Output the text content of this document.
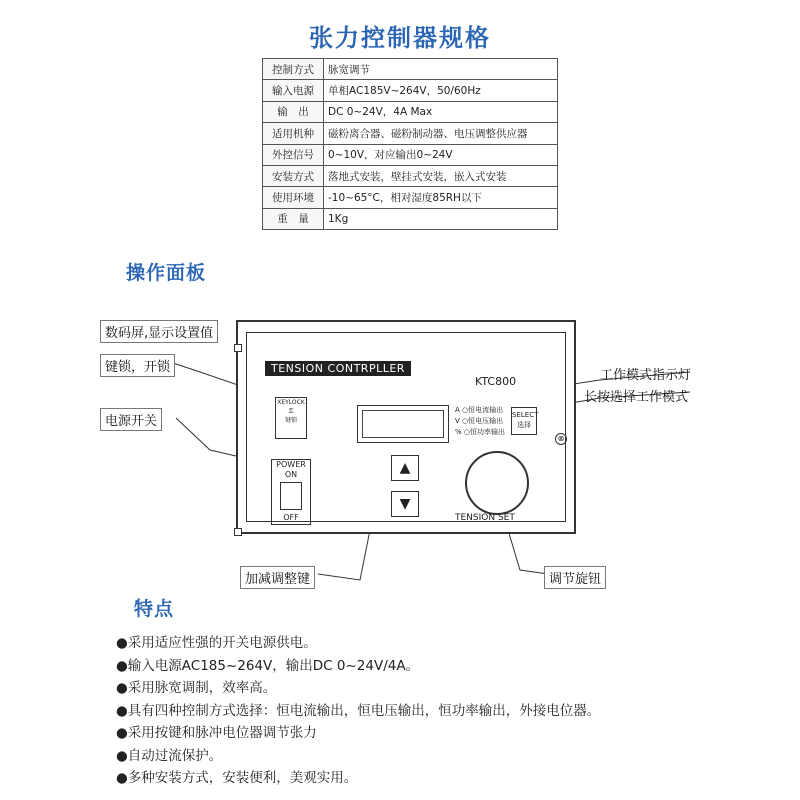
张力控制器规格
控制方式	脉宽调节
输入电源	单相AC185V~264V，50/60Hz
输　出	DC 0~24V，4A Max
适用机种	磁粉离合器、磁粉制动器、电压调整供应器
外控信号	0~10V，对应输出0~24V
安装方式	落地式安装，壁挂式安装，嵌入式安装
使用环境	-10~65°C，相对湿度85RH以下
重　量	1Kg
操作面板
数码屏,显示设置值
键锁，开锁
电源开关
工作模式指示灯
长按选择工作模式
加减调整键	调节旋钮
TENSION CONTRPLLER
KTC800
XEYLOCK
⚿
键锁
A ○恒电流输出
V ○恒电压输出
% ○恒功率输出
SELECT
选择
⊗
POWER
ON
OFF
▲
▼
TENSION SET
特点
●采用适应性强的开关电源供电。
●输入电源AC185~264V，输出DC 0~24V/4A。
●采用脉宽调制，效率高。
●具有四种控制方式选择：恒电流输出，恒电压输出，恒功率输出，外接电位器。
●采用按键和脉冲电位器调节张力
●自动过流保护。
●多种安装方式，安装便利，美观实用。
